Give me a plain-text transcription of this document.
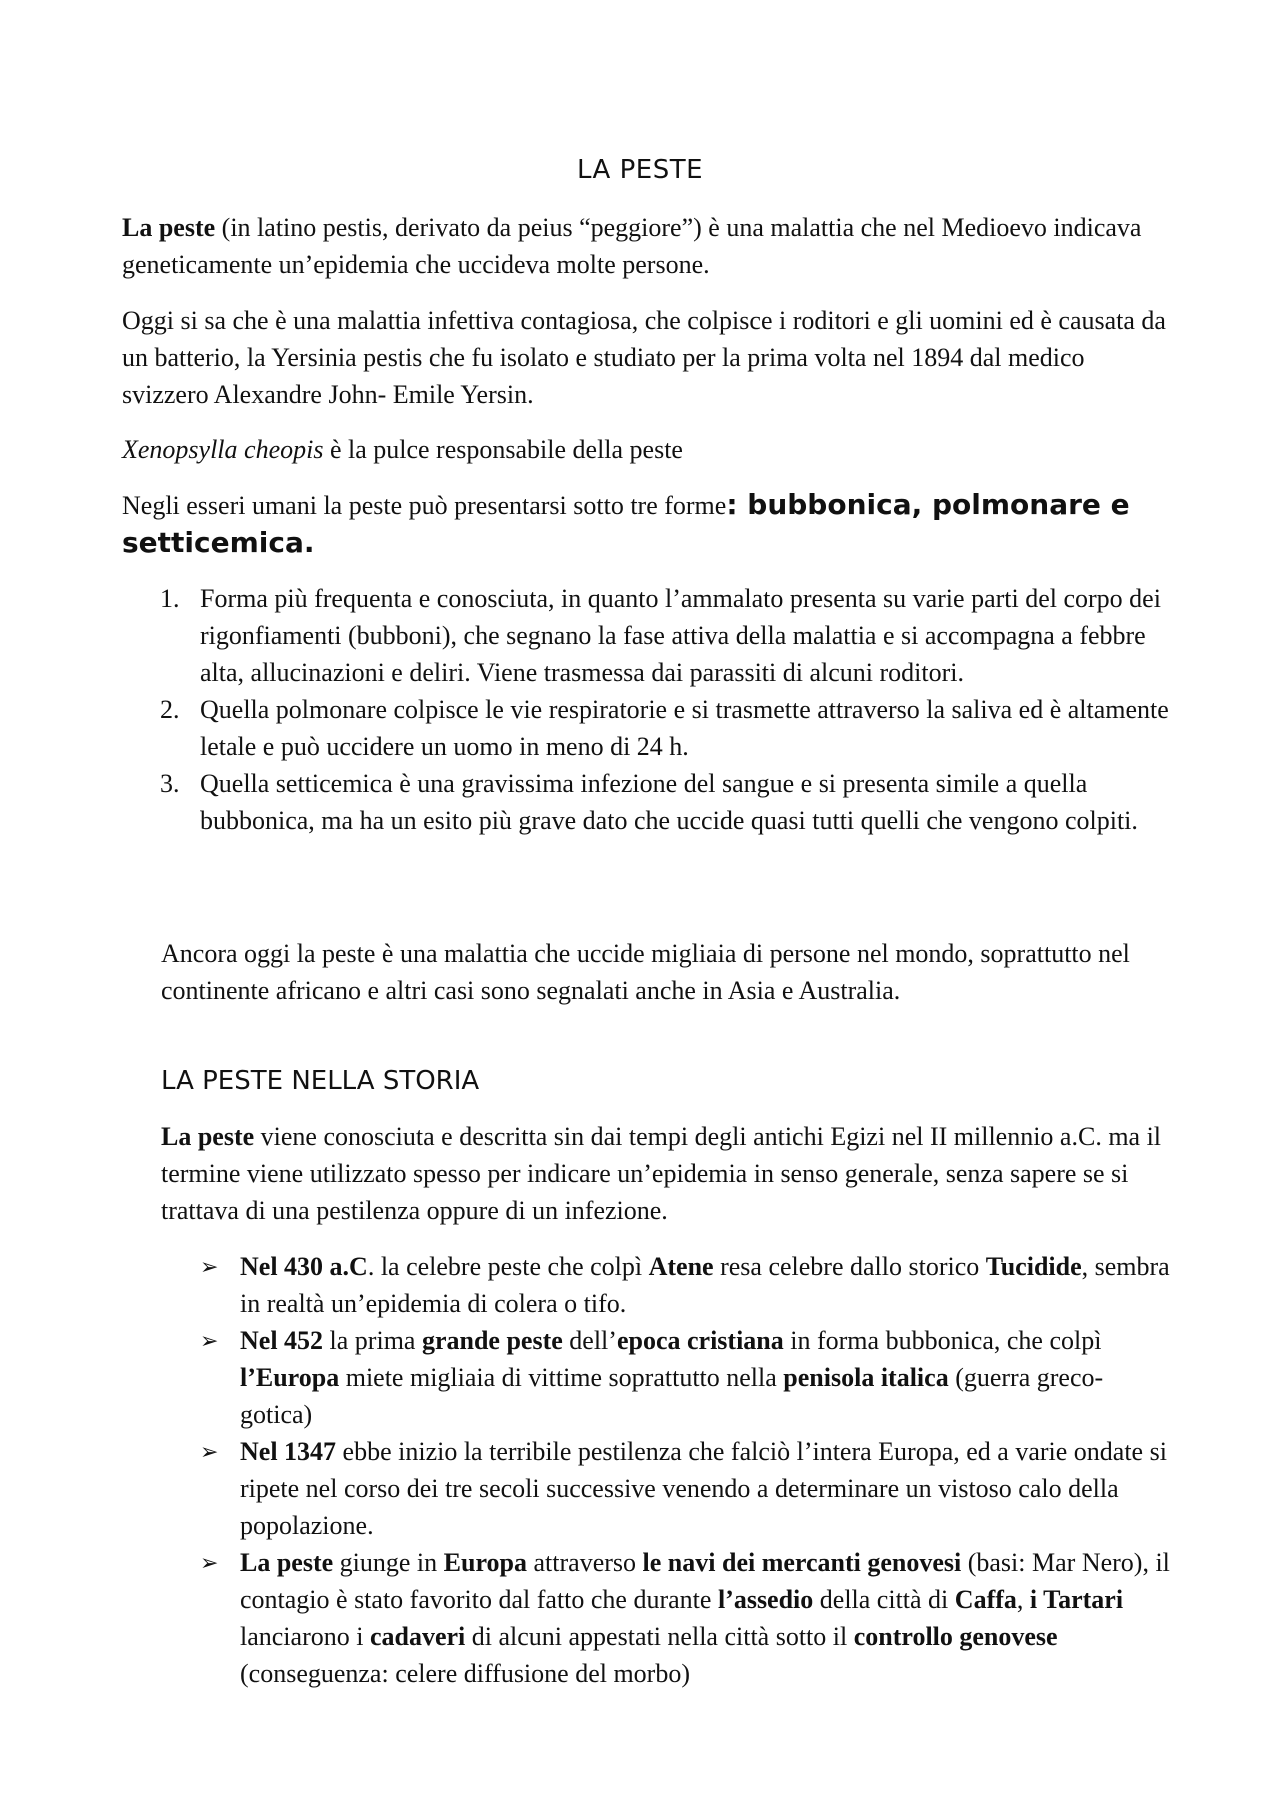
LA PESTE

La peste (in latino pestis, derivato da peius “peggiore”) è una malattia che nel Medioevo indicava geneticamente un’epidemia che uccideva molte persone.

Oggi si sa che è una malattia infettiva contagiosa, che colpisce i roditori e gli uomini ed è causata da un batterio, la Yersinia pestis che fu isolato e studiato per la prima volta nel 1894 dal medico svizzero Alexandre John- Emile Yersin.

Xenopsylla cheopis è la pulce responsabile della peste

Negli esseri umani la peste può presentarsi sotto tre forme: bubbonica, polmonare e setticemica.

1. Forma più frequenta e conosciuta, in quanto l’ammalato presenta su varie parti del corpo dei rigonfiamenti (bubboni), che segnano la fase attiva della malattia e si accompagna a febbre alta, allucinazioni e deliri. Viene trasmessa dai parassiti di alcuni roditori.
2. Quella polmonare colpisce le vie respiratorie e si trasmette attraverso la saliva ed è altamente letale e può uccidere un uomo in meno di 24 h.
3. Quella setticemica è una gravissima infezione del sangue e si presenta simile a quella bubbonica, ma ha un esito più grave dato che uccide quasi tutti quelli che vengono colpiti.

Ancora oggi la peste è una malattia che uccide migliaia di persone nel mondo, soprattutto nel continente africano e altri casi sono segnalati anche in Asia e Australia.

LA PESTE NELLA STORIA

La peste viene conosciuta e descritta sin dai tempi degli antichi Egizi nel II millennio a.C. ma il termine viene utilizzato spesso per indicare un’epidemia in senso generale, senza sapere se si trattava di una pestilenza oppure di un infezione.

➢ Nel 430 a.C. la celebre peste che colpì Atene resa celebre dallo storico Tucidide, sembra in realtà un’epidemia di colera o tifo.
➢ Nel 452 la prima grande peste dell’epoca cristiana in forma bubbonica, che colpì l’Europa miete migliaia di vittime soprattutto nella penisola italica (guerra greco- gotica)
➢ Nel 1347 ebbe inizio la terribile pestilenza che falciò l’intera Europa, ed a varie ondate si ripete nel corso dei tre secoli successive venendo a determinare un vistoso calo della popolazione.
➢ La peste giunge in Europa attraverso le navi dei mercanti genovesi (basi: Mar Nero), il contagio è stato favorito dal fatto che durante l’assedio della città di Caffa, i Tartari lanciarono i cadaveri di alcuni appestati nella città sotto il controllo genovese (conseguenza: celere diffusione del morbo)
